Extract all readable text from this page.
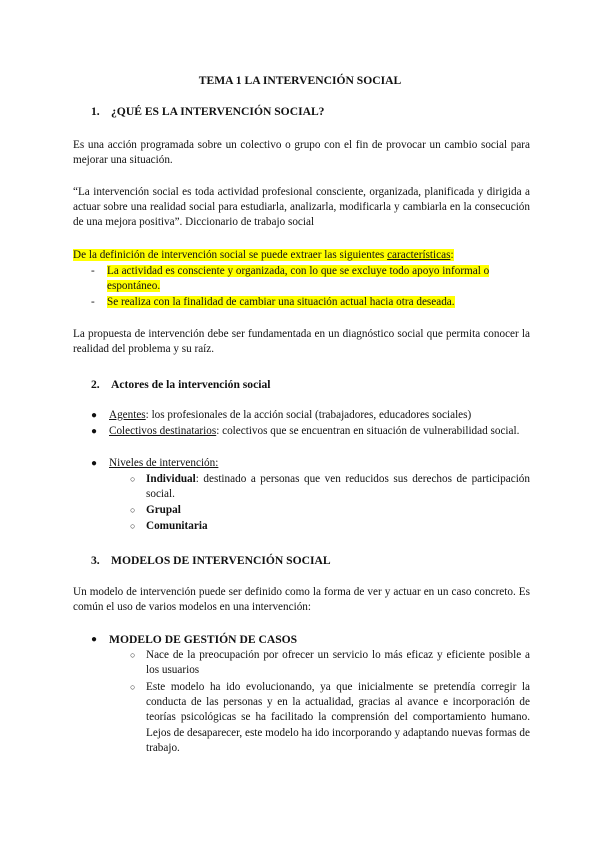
TEMA 1 LA INTERVENCIÓN SOCIAL
1. ¿QUÉ ES LA INTERVENCIÓN SOCIAL?
Es una acción programada sobre un colectivo o grupo con el fin de provocar un cambio social para mejorar una situación.
“La intervención social es toda actividad profesional consciente, organizada, planificada y dirigida a actuar sobre una realidad social para estudiarla, analizarla, modificarla y cambiarla en la consecución de una mejora positiva”. Diccionario de trabajo social
De la definición de intervención social se puede extraer las siguientes características:
- La actividad es consciente y organizada, con lo que se excluye todo apoyo informal o espontáneo.
- Se realiza con la finalidad de cambiar una situación actual hacia otra deseada.
La propuesta de intervención debe ser fundamentada en un diagnóstico social que permita conocer la realidad del problema y su raíz.
2. Actores de la intervención social
● Agentes: los profesionales de la acción social (trabajadores, educadores sociales)
● Colectivos destinatarios: colectivos que se encuentran en situación de vulnerabilidad social.
● Niveles de intervención:
○ Individual: destinado a personas que ven reducidos sus derechos de participación social.
○ Grupal
○ Comunitaria
3. MODELOS DE INTERVENCIÓN SOCIAL
Un modelo de intervención puede ser definido como la forma de ver y actuar en un caso concreto. Es común el uso de varios modelos en una intervención:
● MODELO DE GESTIÓN DE CASOS
○ Nace de la preocupación por ofrecer un servicio lo más eficaz y eficiente posible a los usuarios
○ Este modelo ha ido evolucionando, ya que inicialmente se pretendía corregir la conducta de las personas y en la actualidad, gracias al avance e incorporación de teorías psicológicas se ha facilitado la comprensión del comportamiento humano. Lejos de desaparecer, este modelo ha ido incorporando y adaptando nuevas formas de trabajo.
